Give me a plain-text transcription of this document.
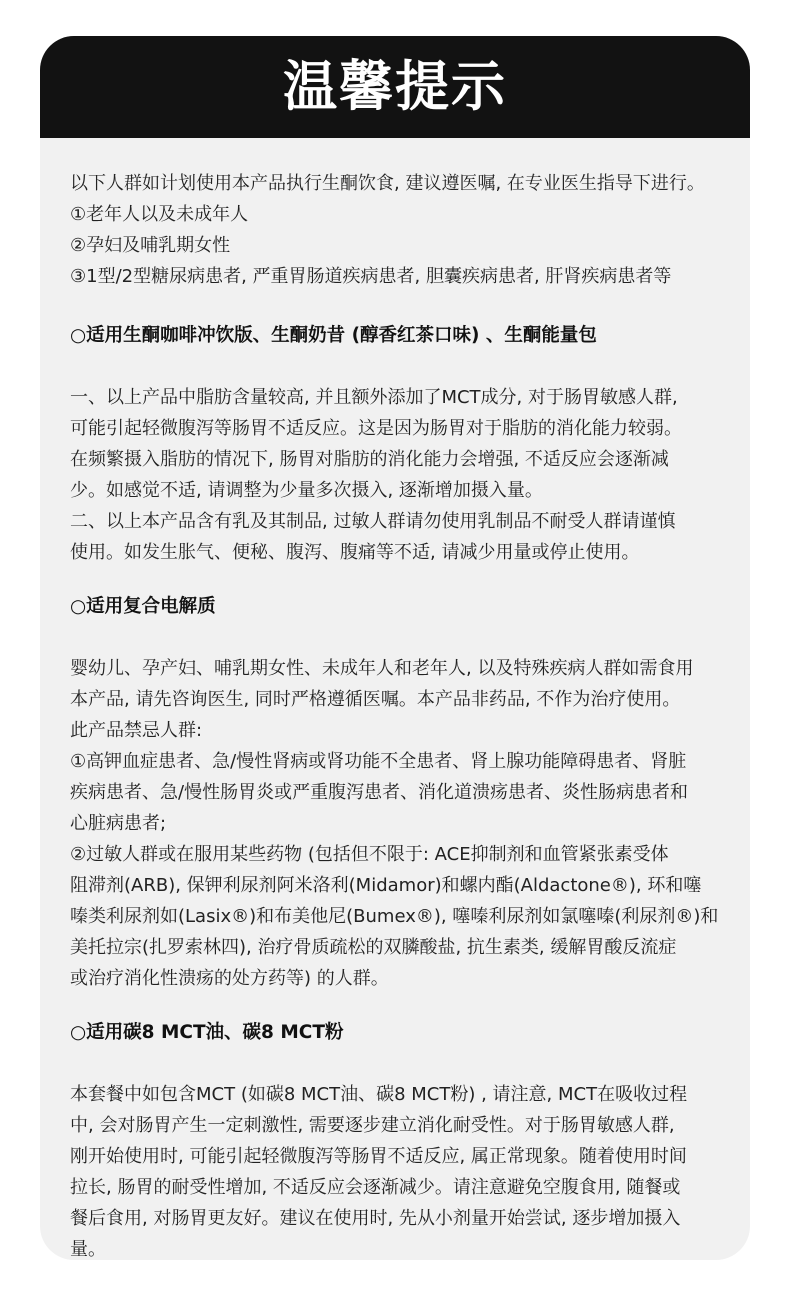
温馨提示

以下人群如计划使用本产品执行生酮饮食, 建议遵医嘱, 在专业医生指导下进行。

①老年人以及未成年人

②孕妇及哺乳期女性

③1型/2型糖尿病患者, 严重胃肠道疾病患者, 胆囊疾病患者, 肝肾疾病患者等

○适用生酮咖啡冲饮版、生酮奶昔 (醇香红茶口味) 、生酮能量包

一、以上产品中脂肪含量较高, 并且额外添加了MCT成分, 对于肠胃敏感人群,

可能引起轻微腹泻等肠胃不适反应。这是因为肠胃对于脂肪的消化能力较弱。

在频繁摄入脂肪的情况下, 肠胃对脂肪的消化能力会增强, 不适反应会逐渐减

少。如感觉不适, 请调整为少量多次摄入, 逐渐增加摄入量。

二、以上本产品含有乳及其制品, 过敏人群请勿使用乳制品不耐受人群请谨慎

使用。如发生胀气、便秘、腹泻、腹痛等不适, 请减少用量或停止使用。

○适用复合电解质

婴幼儿、孕产妇、哺乳期女性、未成年人和老年人, 以及特殊疾病人群如需食用

本产品, 请先咨询医生, 同时严格遵循医嘱。本产品非药品, 不作为治疗使用。

此产品禁忌人群:

①高钾血症患者、急/慢性肾病或肾功能不全患者、肾上腺功能障碍患者、肾脏

疾病患者、急/慢性肠胃炎或严重腹泻患者、消化道溃疡患者、炎性肠病患者和

心脏病患者;

②过敏人群或在服用某些药物 (包括但不限于: ACE抑制剂和血管紧张素受体

阻滞剂(ARB), 保钾利尿剂阿米洛利(Midamor)和螺内酯(Aldactone®), 环和噻

嗪类利尿剂如(Lasix®)和布美他尼(Bumex®), 噻嗪利尿剂如氯噻嗪(利尿剂®)和

美托拉宗(扎罗索林四), 治疗骨质疏松的双膦酸盐, 抗生素类, 缓解胃酸反流症

或治疗消化性溃疡的处方药等) 的人群。

○适用碳8 MCT油、碳8 MCT粉

本套餐中如包含MCT (如碳8 MCT油、碳8 MCT粉) , 请注意, MCT在吸收过程

中, 会对肠胃产生一定刺激性, 需要逐步建立消化耐受性。对于肠胃敏感人群,

刚开始使用时, 可能引起轻微腹泻等肠胃不适反应, 属正常现象。随着使用时间

拉长, 肠胃的耐受性增加, 不适反应会逐渐减少。请注意避免空腹食用, 随餐或

餐后食用, 对肠胃更友好。建议在使用时, 先从小剂量开始尝试, 逐步增加摄入

量。
